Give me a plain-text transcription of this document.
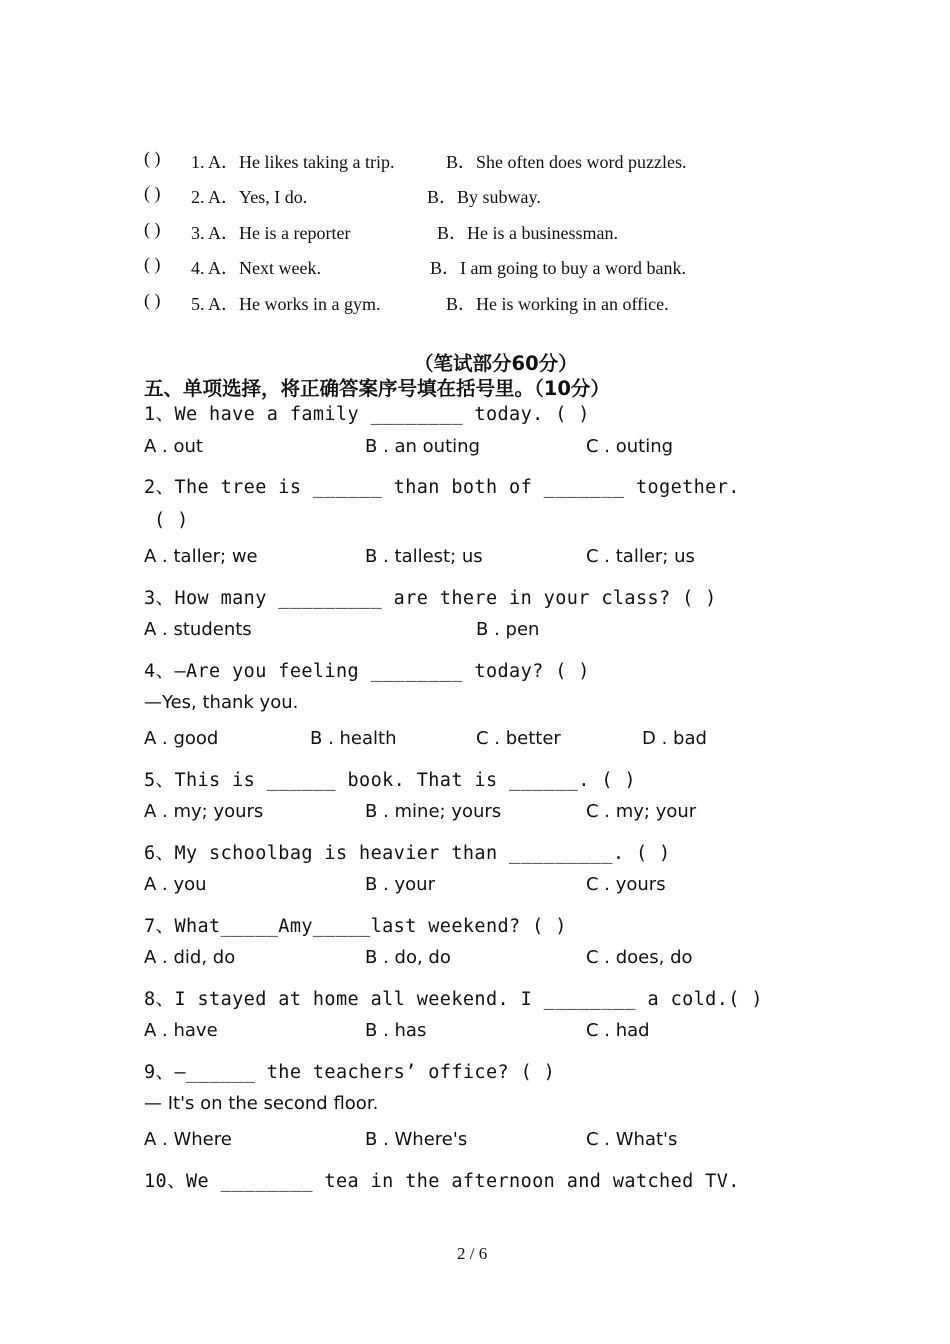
( ) 1. A．He likes taking a trip.	B．She often does word puzzles.
( ) 2. A．Yes, I do.	B．By subway.
( ) 3. A．He is a reporter	B．He is a businessman.
( ) 4. A．Next week.	B．I am going to buy a word bank.
( ) 5. A．He works in a gym.	B．He is working in an office.
（笔试部分60分）
五、单项选择，将正确答案序号填在括号里。（10分）
1、We have a family ________ today. ( )
A . out	B . an outing	C . outing
2、The tree is ______ than both of _______ together.
( )
A . taller; we	B . tallest; us	C . taller; us
3、How many _________ are there in your class? ( )
A . students	B . pen
4、—Are you feeling ________ today? ( )
—Yes, thank you.
A . good	B . health	C . better	D . bad
5、This is ______ book. That is ______. ( )
A . my; yours	B . mine; yours	C . my; your
6、My schoolbag is heavier than _________. ( )
A . you	B . your	C . yours
7、What_____Amy_____last weekend? ( )
A . did, do	B . do, do	C . does, do
8、I stayed at home all weekend. I ________ a cold.( )
A . have	B . has	C . had
9、—______ the teachers’ office? ( )
— It's on the second floor.
A . Where	B . Where's	C . What's
10、We ________ tea in the afternoon and watched TV.
2 / 6
